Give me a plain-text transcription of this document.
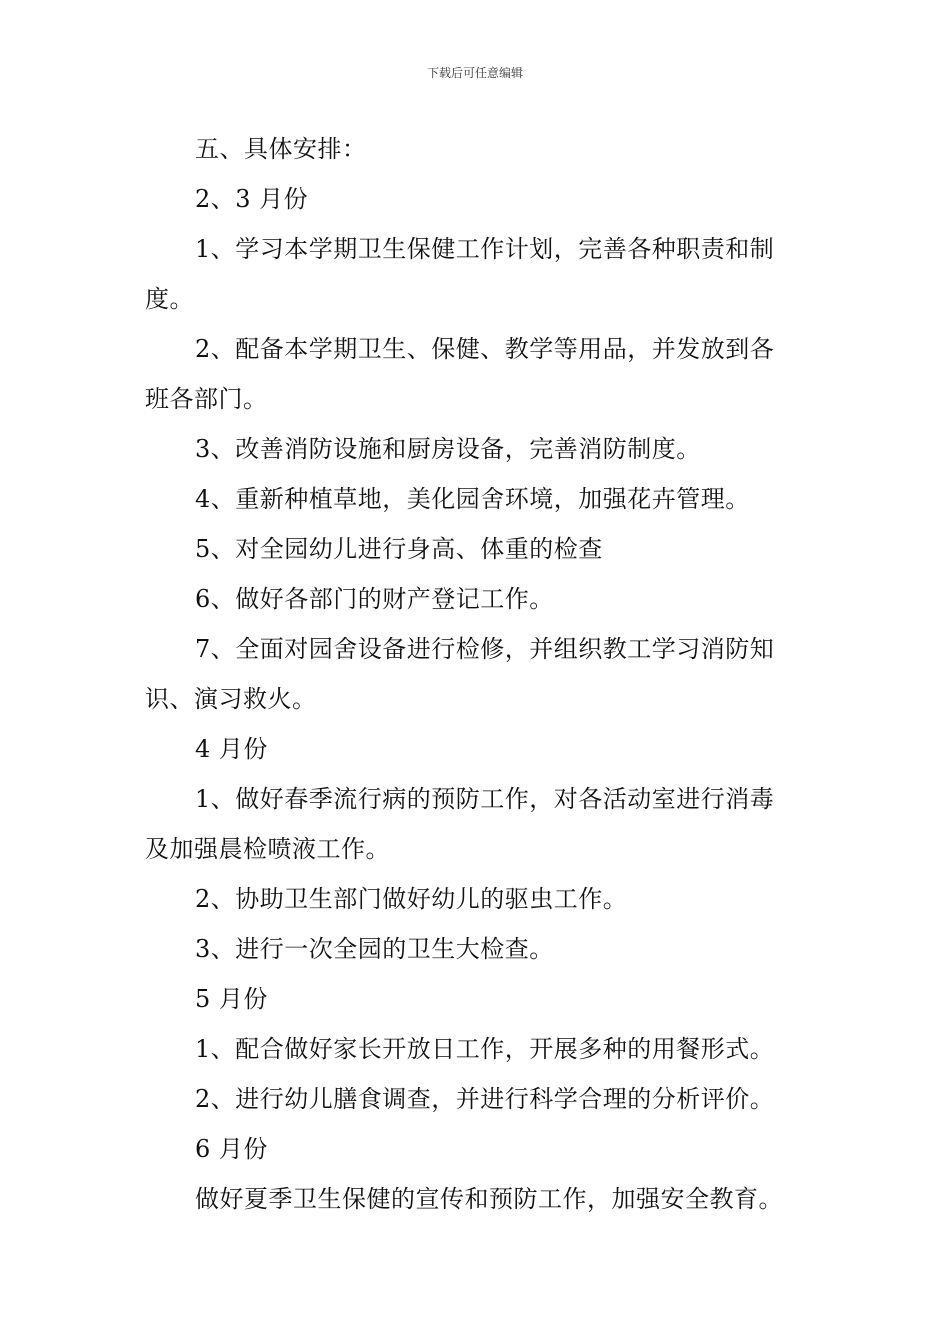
下载后可任意编辑
五、具体安排：
2、3 月份
1、学习本学期卫生保健工作计划，完善各种职责和制
度。
2、配备本学期卫生、保健、教学等用品，并发放到各
班各部门。
3、改善消防设施和厨房设备，完善消防制度。
4、重新种植草地，美化园舍环境，加强花卉管理。
5、对全园幼儿进行身高、体重的检查
6、做好各部门的财产登记工作。
7、全面对园舍设备进行检修，并组织教工学习消防知
识、演习救火。
4 月份
1、做好春季流行病的预防工作，对各活动室进行消毒
及加强晨检喷液工作。
2、协助卫生部门做好幼儿的驱虫工作。
3、进行一次全园的卫生大检查。
5 月份
1、配合做好家长开放日工作，开展多种的用餐形式。
2、进行幼儿膳食调查，并进行科学合理的分析评价。
6 月份
做好夏季卫生保健的宣传和预防工作，加强安全教育。
